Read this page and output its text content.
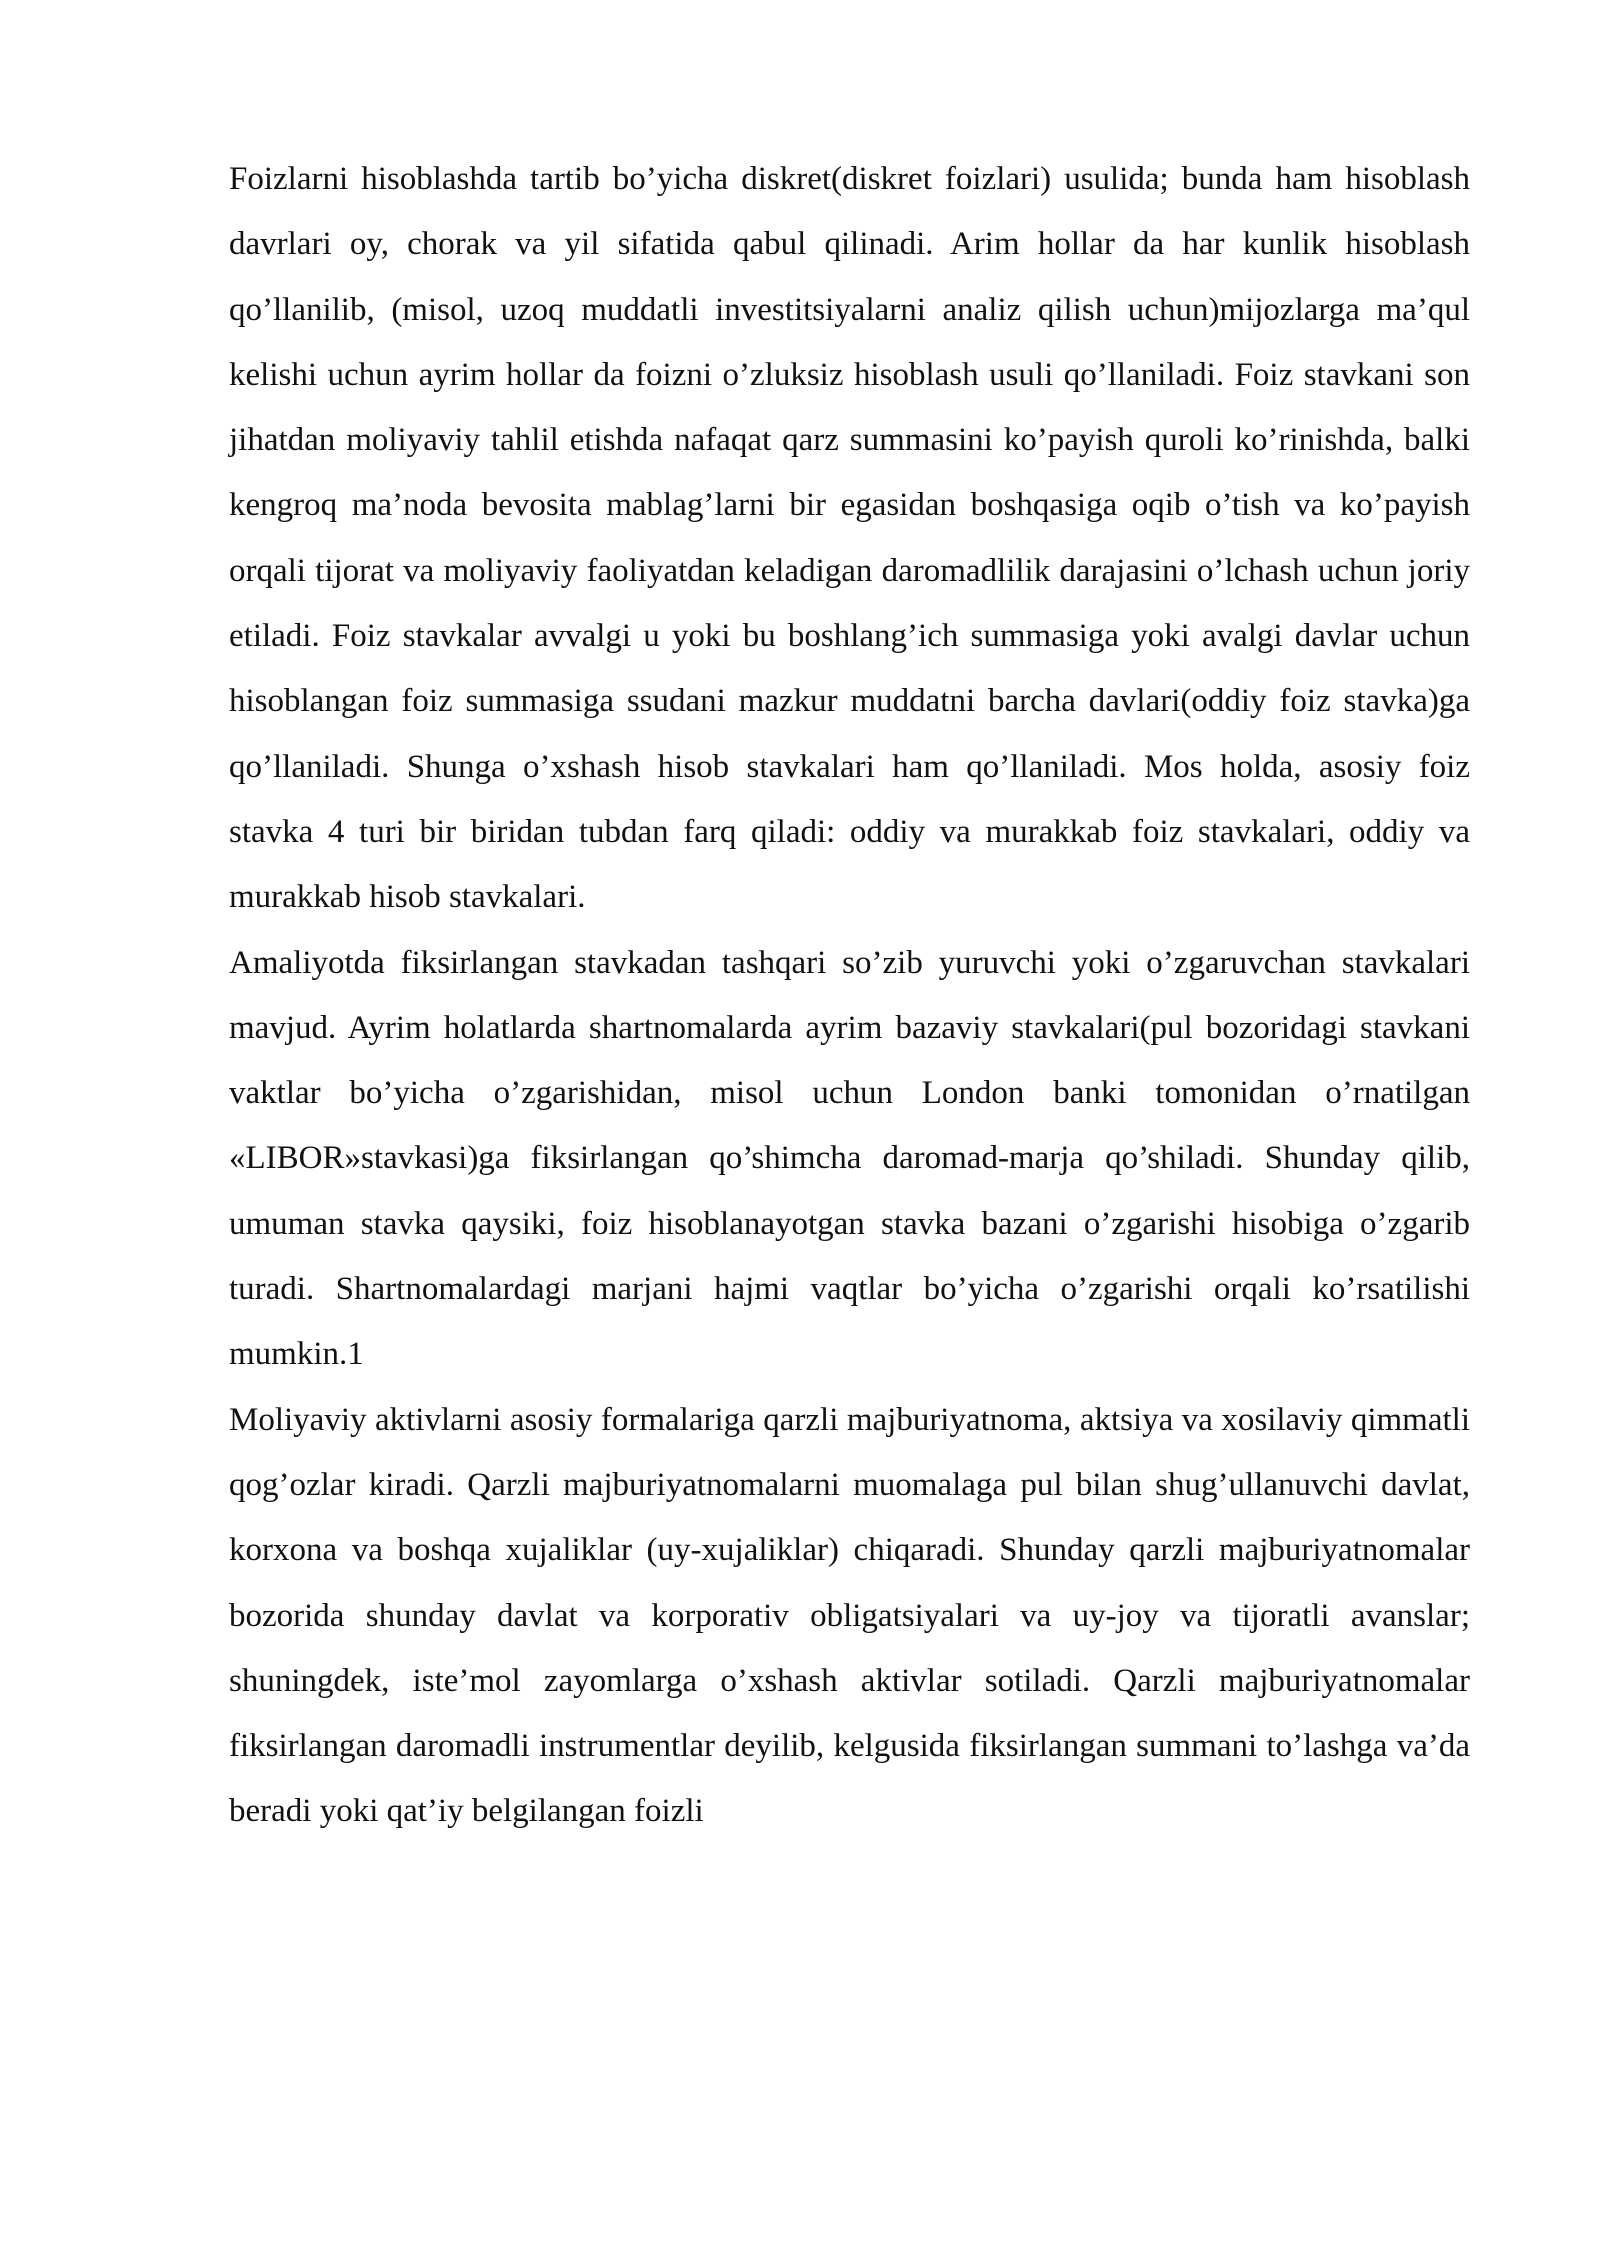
Foizlarni hisoblashda tartib bo’yicha diskret(diskret foizlari) usulida; bunda ham hisoblash davrlari oy, chorak va yil sifatida qabul qilinadi. Arim hollar da har kunlik hisoblash qo’llanilib, (misol, uzoq muddatli investitsiyalarni analiz qilish uchun)mijozlarga ma’qul kelishi uchun ayrim hollar da foizni o’zluksiz hisoblash usuli qo’llaniladi. Foiz stavkani son jihatdan moliyaviy tahlil etishda nafaqat qarz summasini ko’payish quroli ko’rinishda, balki kengroq ma’noda bevosita mablag’larni bir egasidan boshqasiga oqib o’tish va ko’payish orqali tijorat va moliyaviy faoliyatdan keladigan daromadlilik darajasini o’lchash uchun joriy etiladi. Foiz stavkalar avvalgi u yoki bu boshlang’ich summasiga yoki avalgi davlar uchun hisoblangan foiz summasiga ssudani mazkur muddatni barcha davlari(oddiy foiz stavka)ga qo’llaniladi. Shunga o’xshash hisob stavkalari ham qo’llaniladi. Mos holda, asosiy foiz stavka 4 turi bir biridan tubdan farq qiladi: oddiy va murakkab foiz stavkalari, oddiy va murakkab hisob stavkalari.

Amaliyotda fiksirlangan stavkadan tashqari so’zib yuruvchi yoki o’zgaruvchan stavkalari mavjud. Ayrim holatlarda shartnomalarda ayrim bazaviy stavkalari(pul bozoridagi stavkani vaktlar bo’yicha o’zgarishidan, misol uchun London banki tomonidan o’rnatilgan «LIBOR»stavkasi)ga fiksirlangan qo’shimcha daromad-marja qo’shiladi. Shunday qilib, umuman stavka qaysiki, foiz hisoblanayotgan stavka bazani o’zgarishi hisobiga o’zgarib turadi. Shartnomalardagi marjani hajmi vaqtlar bo’yicha o’zgarishi orqali ko’rsatilishi mumkin.1

Moliyaviy aktivlarni asosiy formalariga qarzli majburiyatnoma, aktsiya va xosilaviy qimmatli qog’ozlar kiradi. Qarzli majburiyatnomalarni muomalaga pul bilan shug’ullanuvchi davlat, korxona va boshqa xujaliklar (uy-xujaliklar) chiqaradi. Shunday qarzli majburiyatnomalar bozorida shunday davlat va korporativ obligatsiyalari va uy-joy va tijoratli avanslar; shuningdek, iste’mol zayomlarga o’xshash aktivlar sotiladi. Qarzli majburiyatnomalar fiksirlangan daromadli instrumentlar deyilib, kelgusida fiksirlangan summani to’lashga va’da beradi yoki qat’iy belgilangan foizli
